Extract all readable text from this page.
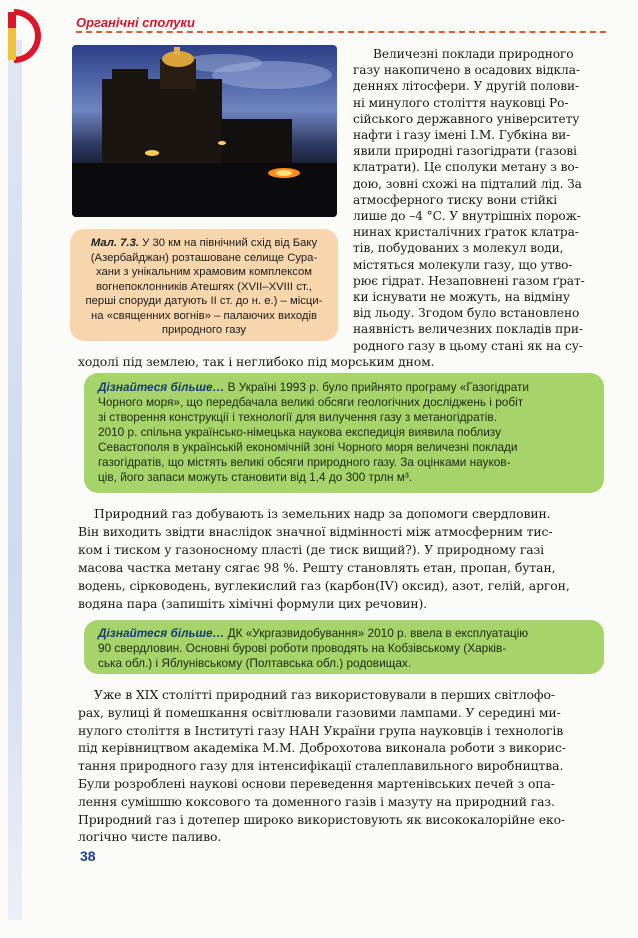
Органічні сполуки
Мал. 7.3. У 30 км на північний схід від Баку
(Азербайджан) розташоване селище Сура-
хани з унікальним храмовим комплексом
вогнепоклонників Атешгях (XVII–XVIII ст.,
перші споруди датують II ст. до н. е.) – місци-
на «священних вогнів» – палаючих виходів
природного газу
Величезні поклади природного
газу накопичено в осадових відкла-
деннях літосфери. У другій полови-
ні минулого століття науковці Ро-
сійського державного університету
нафти і газу імені І.М. Губкіна ви-
явили природні газогідрати (газові
клатрати). Це сполуки метану з во-
дою, зовні схожі на підталий лід. За
атмосферного тиску вони стійкі
лише до –4 °С. У внутрішніх порож-
нинах кристалічних ґраток клатра-
тів, побудованих з молекул води,
містяться молекули газу, що утво-
рює гідрат. Незаповнені газом ґрат-
ки існувати не можуть, на відміну
від льоду. Згодом було встановлено
наявність величезних покладів при-
родного газу в цьому стані як на су-
ходолі під землею, так і неглибоко під морським дном.
Дізнайтеся більше… В Україні 1993 р. було прийнято програму «Газогідрати
Чорного моря», що передбачала великі обсяги геологічних досліджень і робіт
зі створення конструкції і технології для вилучення газу з метаногідратів.
2010 р. спільна українсько-німецька наукова експедиція виявила поблизу
Севастополя в українській економічній зоні Чорного моря величезні поклади
газогідратів, що містять великі обсяги природного газу. За оцінками науков-
ців, його запаси можуть становити від 1,4 до 300 трлн м³.
Природний газ добувають із земельних надр за допомоги свердловин.
Він виходить звідти внаслідок значної відмінності між атмосферним тис-
ком і тиском у газоносному пласті (де тиск вищий?). У природному газі
масова частка метану сягає 98 %. Решту становлять етан, пропан, бутан,
водень, сірководень, вуглекислий газ (карбон(IV) оксид), азот, гелій, аргон,
водяна пара (запишіть хімічні формули цих речовин).
Дізнайтеся більше… ДК «Укргазвидобування» 2010 р. ввела в експлуатацію
90 свердловин. Основні бурові роботи проводять на Кобзівському (Харків-
ська обл.) і Яблунівському (Полтавська обл.) родовищах.
Уже в XIX столітті природний газ використовували в перших світлофо-
рах, вулиці й помешкання освітлювали газовими лампами. У середині ми-
нулого століття в Інституті газу НАН України група науковців і технологів
під керівництвом академіка М.М. Доброхотова виконала роботи з викорис-
тання природного газу для інтенсифікації сталеплавильного виробництва.
Були розроблені наукові основи переведення мартенівських печей з опа-
лення сумішшю коксового та доменного газів і мазуту на природний газ.
Природний газ і дотепер широко використовують як висококалорійне еко-
логічно чисте паливо.
38
